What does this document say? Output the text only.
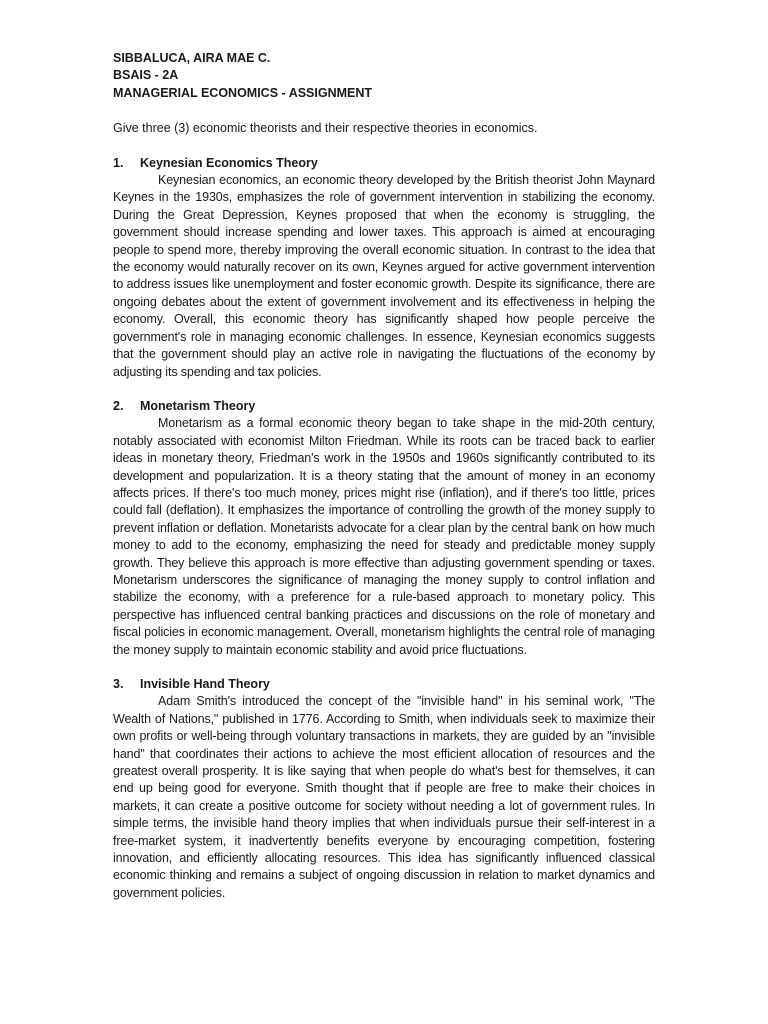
SIBBALUCA, AIRA MAE C.

BSAIS - 2A

MANAGERIAL ECONOMICS - ASSIGNMENT

Give three (3) economic theorists and their respective theories in economics.

1.	Keynesian Economics Theory

Keynesian economics, an economic theory developed by the British theorist John Maynard Keynes in the 1930s, emphasizes the role of government intervention in stabilizing the economy. During the Great Depression, Keynes proposed that when the economy is struggling, the government should increase spending and lower taxes. This approach is aimed at encouraging people to spend more, thereby improving the overall economic situation. In contrast to the idea that the economy would naturally recover on its own, Keynes argued for active government intervention to address issues like unemployment and foster economic growth. Despite its significance, there are ongoing debates about the extent of government involvement and its effectiveness in helping the economy. Overall, this economic theory has significantly shaped how people perceive the government's role in managing economic challenges. In essence, Keynesian economics suggests that the government should play an active role in navigating the fluctuations of the economy by adjusting its spending and tax policies.

2.	Monetarism Theory

Monetarism as a formal economic theory began to take shape in the mid-20th century, notably associated with economist Milton Friedman. While its roots can be traced back to earlier ideas in monetary theory, Friedman's work in the 1950s and 1960s significantly contributed to its development and popularization. It is a theory stating that the amount of money in an economy affects prices. If there's too much money, prices might rise (inflation), and if there's too little, prices could fall (deflation). It emphasizes the importance of controlling the growth of the money supply to prevent inflation or deflation. Monetarists advocate for a clear plan by the central bank on how much money to add to the economy, emphasizing the need for steady and predictable money supply growth. They believe this approach is more effective than adjusting government spending or taxes. Monetarism underscores the significance of managing the money supply to control inflation and stabilize the economy, with a preference for a rule-based approach to monetary policy. This perspective has influenced central banking practices and discussions on the role of monetary and fiscal policies in economic management. Overall, monetarism highlights the central role of managing the money supply to maintain economic stability and avoid price fluctuations.

3.	Invisible Hand Theory

Adam Smith's introduced the concept of the "invisible hand" in his seminal work, "The Wealth of Nations," published in 1776. According to Smith, when individuals seek to maximize their own profits or well-being through voluntary transactions in markets, they are guided by an "invisible hand" that coordinates their actions to achieve the most efficient allocation of resources and the greatest overall prosperity. It is like saying that when people do what's best for themselves, it can end up being good for everyone. Smith thought that if people are free to make their choices in markets, it can create a positive outcome for society without needing a lot of government rules. In simple terms, the invisible hand theory implies that when individuals pursue their self-interest in a free-market system, it inadvertently benefits everyone by encouraging competition, fostering innovation, and efficiently allocating resources. This idea has significantly influenced classical economic thinking and remains a subject of ongoing discussion in relation to market dynamics and government policies.
